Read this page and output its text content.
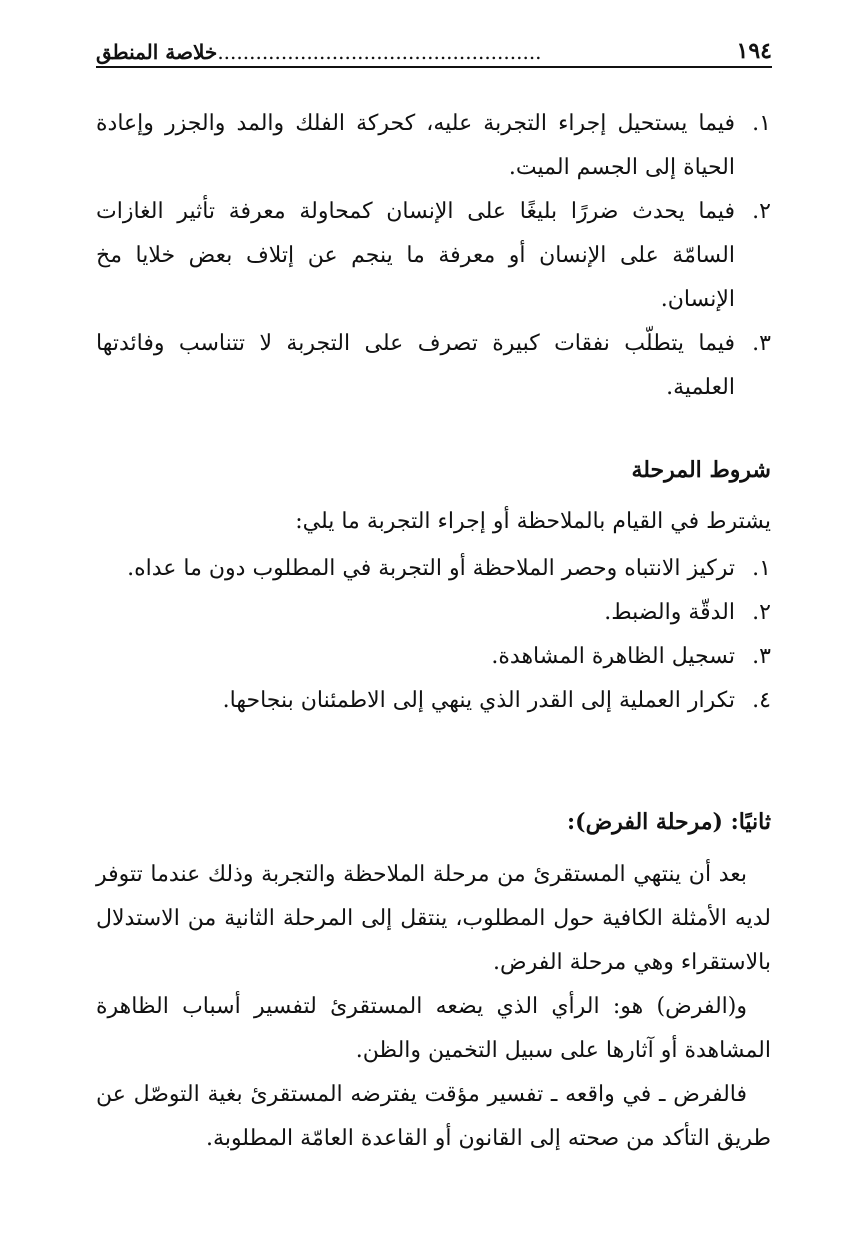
١٩٤
...................................................خلاصة المنطق
١.
فيما يستحيل إجراء التجربة عليه، كحركة الفلك والمد والجزر وإعادة الحياة إلى الجسم الميت.
٢.
فيما يحدث ضررًا بليغًا على الإنسان كمحاولة معرفة تأثير الغازات السامّة على الإنسان أو معرفة ما ينجم عن إتلاف بعض خلايا مخ الإنسان.
٣.
فيما يتطلّب نفقات كبيرة تصرف على التجربة لا تتناسب وفائدتها العلمية.
شروط المرحلة
يشترط في القيام بالملاحظة أو إجراء التجربة ما يلي:
١.
تركيز الانتباه وحصر الملاحظة أو التجربة في المطلوب دون ما عداه.
٢.
الدقّة والضبط.
٣.
تسجيل الظاهرة المشاهدة.
٤.
تكرار العملية إلى القدر الذي ينهي إلى الاطمئنان بنجاحها.
ثانيًا: (مرحلة الفرض):

بعد أن ينتهي المستقرئ من مرحلة الملاحظة والتجربة وذلك عندما تتوفر لديه الأمثلة الكافية حول المطلوب، ينتقل إلى المرحلة الثانية من الاستدلال بالاستقراء وهي مرحلة الفرض.

و(الفرض) هو: الرأي الذي يضعه المستقرئ لتفسير أسباب الظاهرة المشاهدة أو آثارها على سبيل التخمين والظن.

فالفرض ـ في واقعه ـ تفسير مؤقت يفترضه المستقرئ بغية التوصّل عن طريق التأكد من صحته إلى القانون أو القاعدة العامّة المطلوبة.
